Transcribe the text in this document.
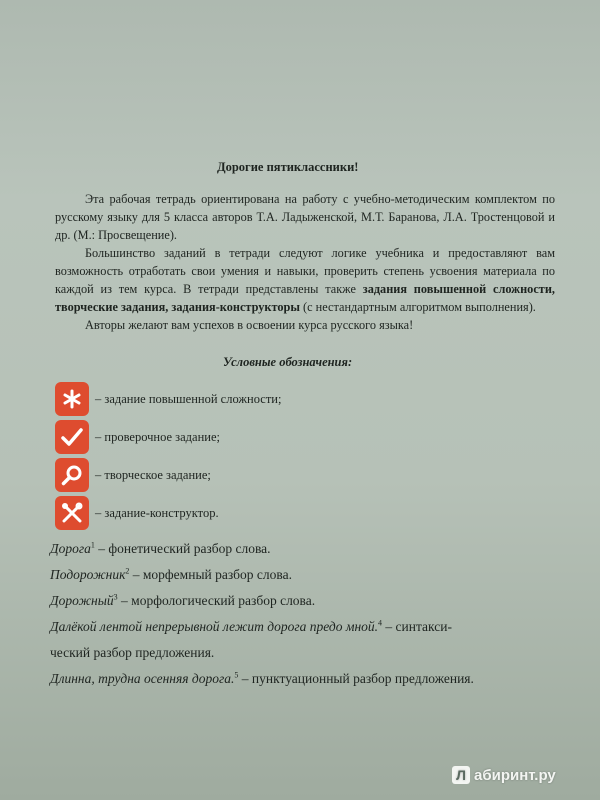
Дорогие пятиклассники!

Эта рабочая тетрадь ориентирована на работу с учебно-методическим комплектом по русскому языку для 5 класса авторов Т.А. Ладыженской, М.Т. Баранова, Л.А. Тростенцовой и др. (М.: Просвещение).

Большинство заданий в тетради следуют логике учебника и предоставляют вам возможность отработать свои умения и навыки, проверить степень усвоения материала по каждой из тем курса. В тетради представлены также задания повышенной сложности, творческие задания, задания-конструкторы (с нестандартным алгоритмом выполнения).

Авторы желают вам успехов в освоении курса русского языка!

Условные обозначения:
– задание повышенной сложности;
– проверочное задание;
– творческое задание;
– задание-конструктор.
Дорога$^1$ – фонетический разбор слова.
Подорожник$^2$ – морфемный разбор слова.
Дорожный$^3$ – морфологический разбор слова.
Далёкой лентой непрерывной лежит дорога предо мной.$^4$ – синтакси-
ческий разбор предложения.
Длинна, трудна осенняя дорога.$^5$ – пунктуационный разбор предложения.
Л абиринт.ру
